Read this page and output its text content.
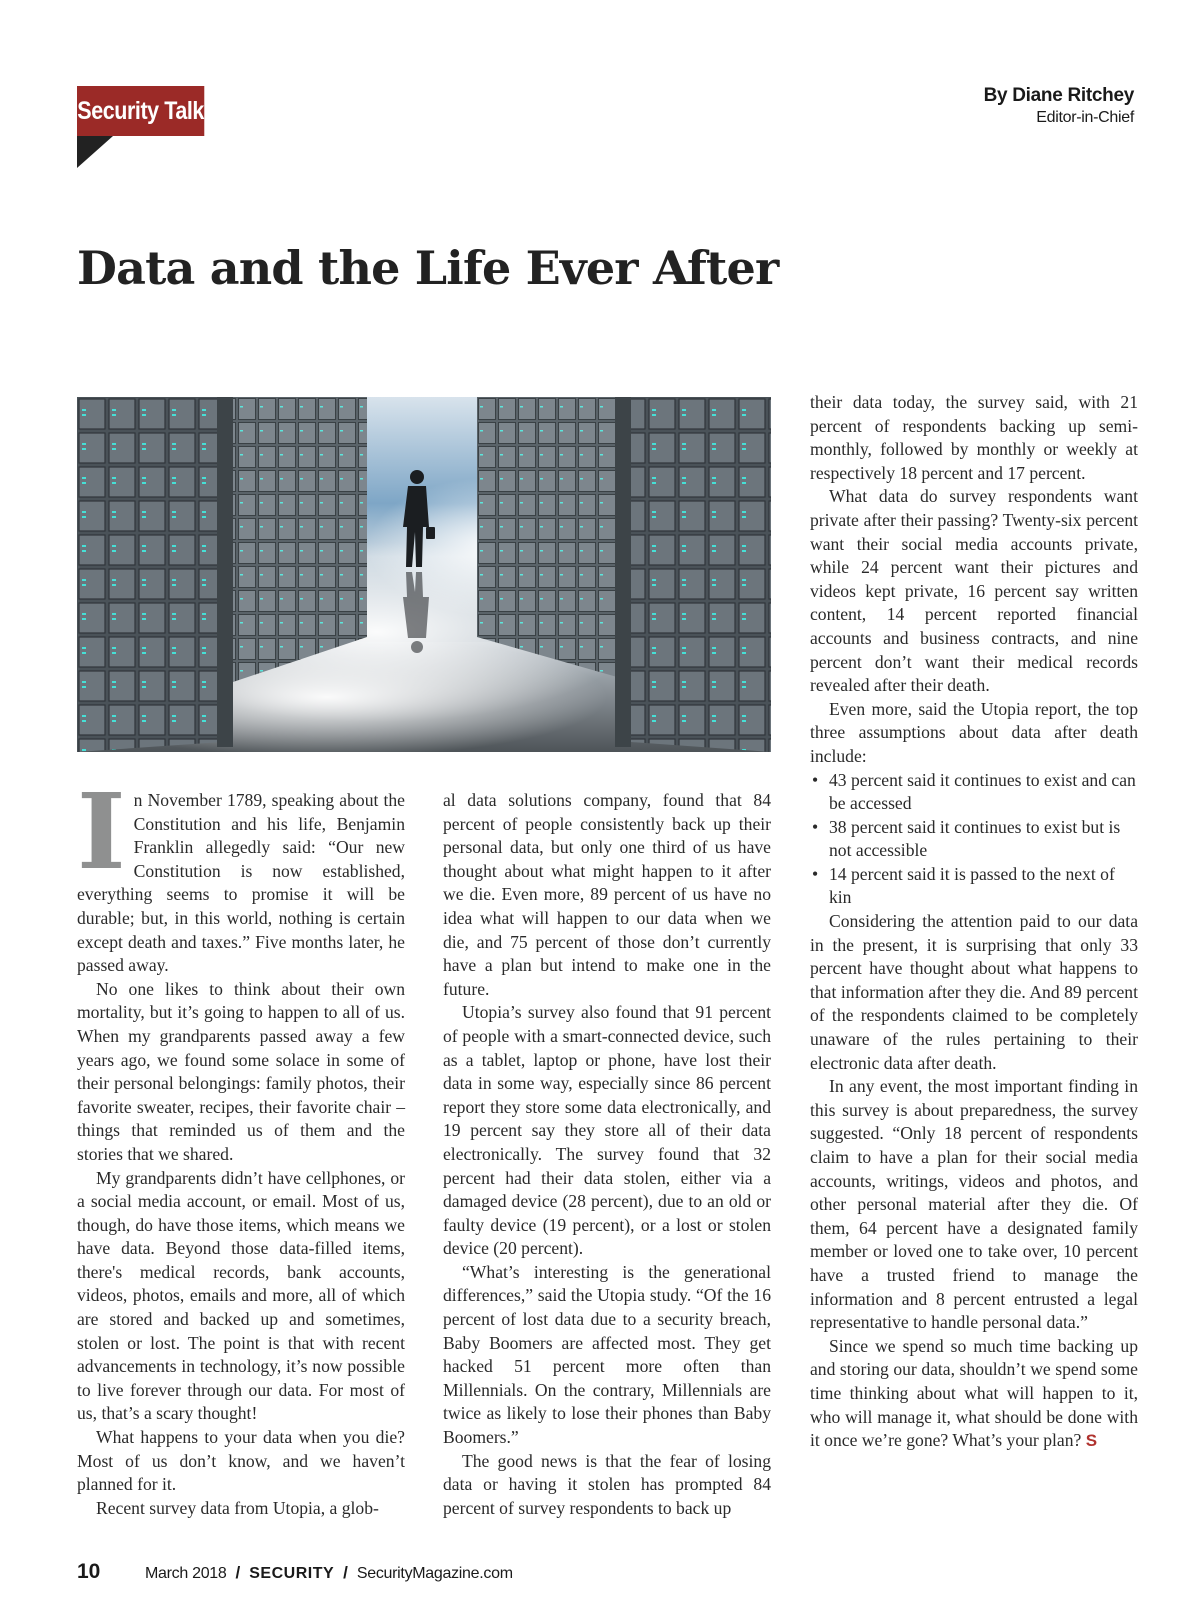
Security Talk
By Diane Ritchey
Editor-in-Chief
Data and the Life Ever After

In November 1789, speaking about the Constitution and his life, Benjamin Franklin allegedly said: “Our new Constitution is now established, everything seems to promise it will be durable; but, in this world, nothing is certain except death and taxes.” Five months later, he passed away.

No one likes to think about their own mortality, but it’s going to happen to all of us. When my grandparents passed away a few years ago, we found some solace in some of their personal belongings: family photos, their favorite sweater, recipes, their favorite chair – things that reminded us of them and the stories that we shared.

My grandparents didn’t have cellphones, or a social media account, or email. Most of us, though, do have those items, which means we have data. Beyond those data-filled items, there's medical records, bank accounts, videos, photos, emails and more, all of which are stored and backed up and sometimes, stolen or lost. The point is that with recent advancements in technology, it’s now possible to live forever through our data. For most of us, that’s a scary thought!

What happens to your data when you die? Most of us don’t know, and we haven’t planned for it.

Recent survey data from Utopia, a glob-

al data solutions company, found that 84 percent of people consistently back up their personal data, but only one third of us have thought about what might happen to it after we die. Even more, 89 percent of us have no idea what will happen to our data when we die, and 75 percent of those don’t currently have a plan but intend to make one in the future.

Utopia’s survey also found that 91 percent of people with a smart-connected device, such as a tablet, laptop or phone, have lost their data in some way, especially since 86 percent report they store some data electronically, and 19 percent say they store all of their data electronically. The survey found that 32 percent had their data stolen, either via a damaged device (28 percent), due to an old or faulty device (19 percent), or a lost or stolen device (20 percent).

“What’s interesting is the generational differences,” said the Utopia study. “Of the 16 percent of lost data due to a security breach, Baby Boomers are affected most. They get hacked 51 percent more often than Millennials. On the contrary, Millennials are twice as likely to lose their phones than Baby Boomers.”

The good news is that the fear of losing data or having it stolen has prompted 84 percent of survey respondents to back up

their data today, the survey said, with 21 percent of respondents backing up semi-monthly, followed by monthly or weekly at respectively 18 percent and 17 percent.

What data do survey respondents want private after their passing? Twenty-six percent want their social media accounts private, while 24 percent want their pictures and videos kept private, 16 percent say written content, 14 percent reported financial accounts and business contracts, and nine percent don’t want their medical records revealed after their death.

Even more, said the Utopia report, the top three assumptions about data after death include:

• 43 percent said it continues to exist and can be accessed
• 38 percent said it continues to exist but is not accessible
• 14 percent said it is passed to the next of kin

Considering the attention paid to our data in the present, it is surprising that only 33 percent have thought about what happens to that information after they die. And 89 percent of the respondents claimed to be completely unaware of the rules pertaining to their electronic data after death.

In any event, the most important finding in this survey is about preparedness, the survey suggested. “Only 18 percent of respondents claim to have a plan for their social media accounts, writings, videos and photos, and other personal material after they die. Of them, 64 percent have a designated family member or loved one to take over, 10 percent have a trusted friend to manage the information and 8 percent entrusted a legal representative to handle personal data.”

Since we spend so much time backing up and storing our data, shouldn’t we spend some time thinking about what will happen to it, who will manage it, what should be done with it once we’re gone? What’s your plan? S

10	March 2018 / SECURITY / SecurityMagazine.com
